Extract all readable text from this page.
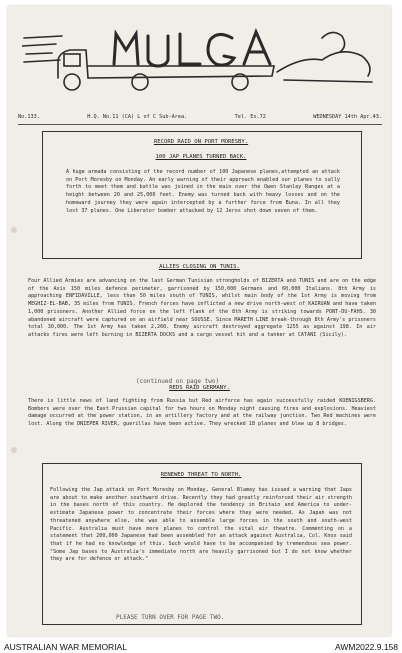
No.133.	H.Q. No.11 (CA) L of C Sub-Area.	Tel. Ex.72	WEDNESDAY 14th Apr.43.
RECORD RAID ON PORT MORESBY.
100 JAP PLANES TURNED BACK.

A huge armada consisting of the record number of 100 Japanese planes,attempted an attack on Port Moresby on Monday. An early warning of their approach enabled our planes to sally forth to meet them and battle was joined in the main over the Owen Stanley Ranges at a height between 20 and 25,000 feet. Enemy was turned back with heavy losses and on the homeward journey they were again intercepted by a further force from Buna. In all they lost 37 planes. One Liberator bomber attacked by 12 Jeros shot down seven of them.

ALLIES CLOSING ON TUNIS.

Four Allied Armies are advancing on the last German Tunisian strongholds of BIZERTA and TUNIS and are on the edge of the Axis 150 miles defence perimeter, garrisoned by 150,000 Germans and 60,000 Italians. 8th Army is approaching ENFIDAVILLE, less than 50 miles south of TUNIS, whilst main body of the 1st Army is moving from MEGHIZ-EL-BAB, 35 miles from TUNIS. French forces have inflicted a new drive north-west of KAIRUAN and have taken 1,000 prisoners. Another Allied force on the left flank of the 8th Army is striking towards PONT-DU-FAHS. 30 abandoned aircraft were captured on an airfield near SOUSSE. Since MARETH LINE break-through 8th Army's prisoners total 30,000. The 1st Army has taken 2,260. Enemy aircraft destroyed aggregate 1255 as against 198. In air attacks fires were left burning in BIZERTA DOCKS and a cargo vessel hit and a tanker at CATANI (Sicily).

(continued on page two)
REDS RAID GERMANY.

There is little news of land fighting from Russia but Red airforce has again successfully raided KOENIGSBERG. Bombers were over the East Prussian capital for two hours on Monday night causing fires and explosions. Heaviest damage occurred at the power station, in an artillery factory and at the railway junction. Two Red machines were lost. Along the DNIEPER RIVER, guerillas have been active. They wrecked 18 planes and blew up 8 bridges.

RENEWED THREAT TO NORTH.

Following the Jap attack on Port Moresby on Monday, General Blamey has issued a warning that Japs are about to make another southward drive. Recently they had greatly reinforced their air strength in the bases north of this country. He deplored the tendency in Britain and America to under-estimate Japanese power to concentrate their forces where they were needed. As Japan was not threatened anywhere else, she was able to assemble large forces in the south and south-west Pacific. Australia must have more planes to control the vital air theatre. Commenting on a statement that 200,000 Japanese had been assembled for an attack against Australia, Col. Knox said that if he had no knowledge of this. Such would have to be accompanied by tremendous sea power. "Some Jap bases to Australia's immediate north are heavily garrisoned but I do not know whether they are for defence or attack."

PLEASE TURN OVER FOR PAGE TWO.
AUSTRALIAN WAR MEMORIAL	AWM2022.9.158
